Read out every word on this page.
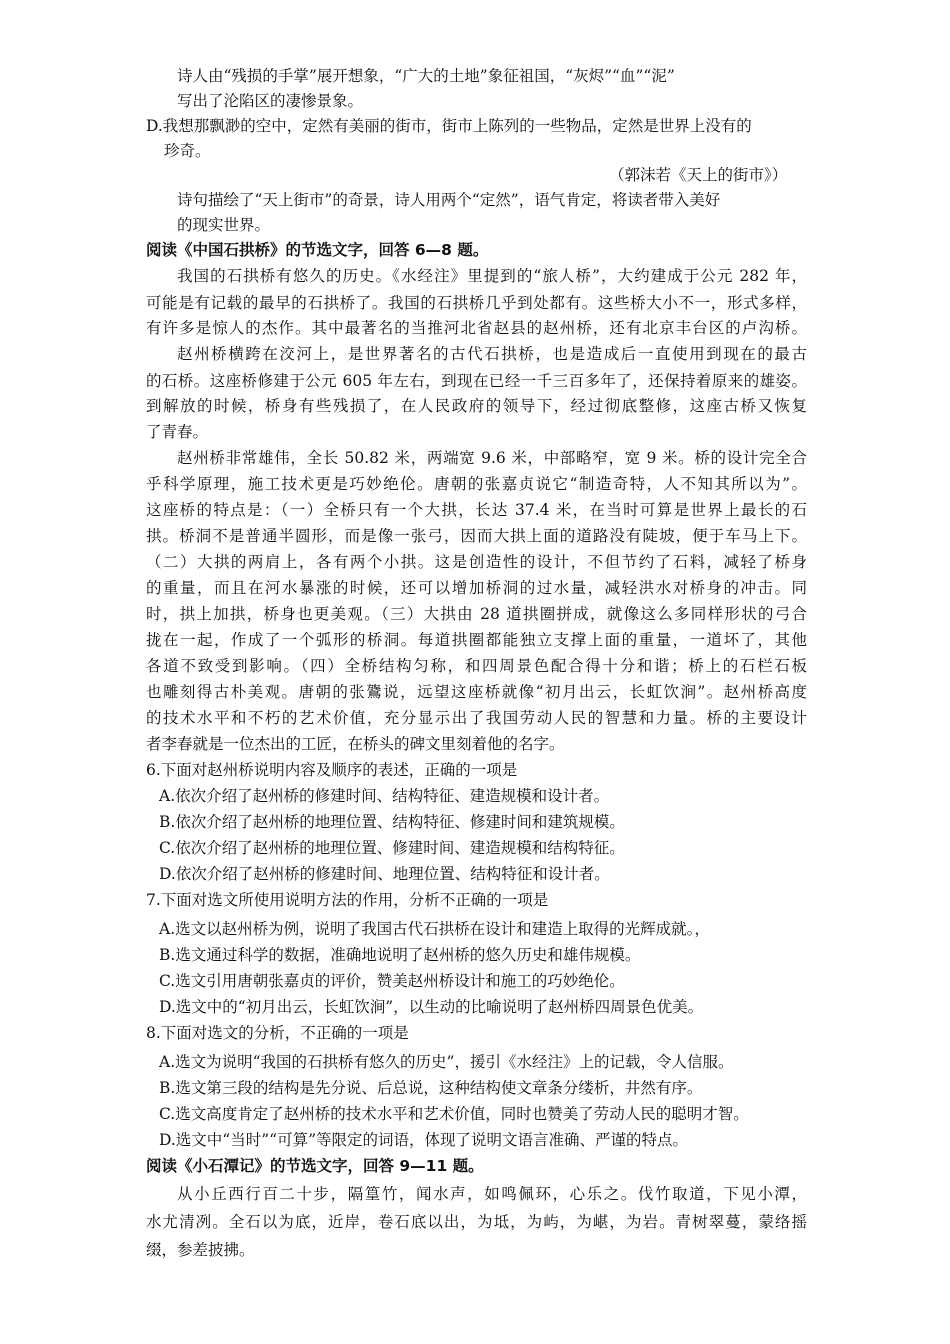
诗人由“残损的手掌”展开想象，“广大的土地”象征祖国，“灰烬”“血”“泥”
写出了沦陷区的凄惨景象。
D.我想那飘渺的空中，定然有美丽的街市，街市上陈列的一些物品，定然是世界上没有的
珍奇。
（郭沫若《天上的街市》）
诗句描绘了“天上街市”的奇景，诗人用两个“定然”，语气肯定，将读者带入美好
的现实世界。
阅读《中国石拱桥》的节选文字，回答 6—8 题。
我国的石拱桥有悠久的历史。《水经注》里提到的“旅人桥”，大约建成于公元 282 年，
可能是有记载的最早的石拱桥了。我国的石拱桥几乎到处都有。这些桥大小不一，形式多样，
有许多是惊人的杰作。其中最著名的当推河北省赵县的赵州桥，还有北京丰台区的卢沟桥。
赵州桥横跨在洨河上，是世界著名的古代石拱桥，也是造成后一直使用到现在的最古
的石桥。这座桥修建于公元 605 年左右，到现在已经一千三百多年了，还保持着原来的雄姿。
到解放的时候，桥身有些残损了，在人民政府的领导下，经过彻底整修，这座古桥又恢复
了青春。
赵州桥非常雄伟，全长 50.82 米，两端宽 9.6 米，中部略窄，宽 9 米。桥的设计完全合
乎科学原理，施工技术更是巧妙绝伦。唐朝的张嘉贞说它“制造奇特，人不知其所以为”。
这座桥的特点是：（一）全桥只有一个大拱，长达 37.4 米，在当时可算是世界上最长的石
拱。桥洞不是普通半圆形，而是像一张弓，因而大拱上面的道路没有陡坡，便于车马上下。
（二）大拱的两肩上，各有两个小拱。这是创造性的设计，不但节约了石料，减轻了桥身
的重量，而且在河水暴涨的时候，还可以增加桥洞的过水量，减轻洪水对桥身的冲击。同
时，拱上加拱，桥身也更美观。（三）大拱由 28 道拱圈拼成，就像这么多同样形状的弓合
拢在一起，作成了一个弧形的桥洞。每道拱圈都能独立支撑上面的重量，一道坏了，其他
各道不致受到影响。（四）全桥结构匀称，和四周景色配合得十分和谐；桥上的石栏石板
也雕刻得古朴美观。唐朝的张鷟说，远望这座桥就像“初月出云，长虹饮涧”。赵州桥高度
的技术水平和不朽的艺术价值，充分显示出了我国劳动人民的智慧和力量。桥的主要设计
者李春就是一位杰出的工匠，在桥头的碑文里刻着他的名字。
6.下面对赵州桥说明内容及顺序的表述，正确的一项是
A.依次介绍了赵州桥的修建时间、结构特征、建造规模和设计者。
B.依次介绍了赵州桥的地理位置、结构特征、修建时间和建筑规模。
C.依次介绍了赵州桥的地理位置、修建时间、建造规模和结构特征。
D.依次介绍了赵州桥的修建时间、地理位置、结构特征和设计者。
7.下面对选文所使用说明方法的作用，分析不正确的一项是
A.选文以赵州桥为例，说明了我国古代石拱桥在设计和建造上取得的光辉成就。，
B.选文通过科学的数据，准确地说明了赵州桥的悠久历史和雄伟规模。
C.选文引用唐朝张嘉贞的评价，赞美赵州桥设计和施工的巧妙绝伦。
D.选文中的“初月出云，长虹饮涧”，以生动的比喻说明了赵州桥四周景色优美。
8.下面对选文的分析，不正确的一项是
A.选文为说明“我国的石拱桥有悠久的历史”，援引《水经注》上的记载，令人信服。
B.选文第三段的结构是先分说、后总说，这种结构使文章条分缕析，井然有序。
C.选文高度肯定了赵州桥的技术水平和艺术价值，同时也赞美了劳动人民的聪明才智。
D.选文中“当时”“可算”等限定的词语，体现了说明文语言准确、严谨的特点。
阅读《小石潭记》的节选文字，回答 9—11 题。
从小丘西行百二十步，隔篁竹，闻水声，如鸣佩环，心乐之。伐竹取道，下见小潭，
水尤清冽。全石以为底，近岸，卷石底以出，为坻，为屿，为嵁，为岩。青树翠蔓，蒙络摇
缀，参差披拂。
